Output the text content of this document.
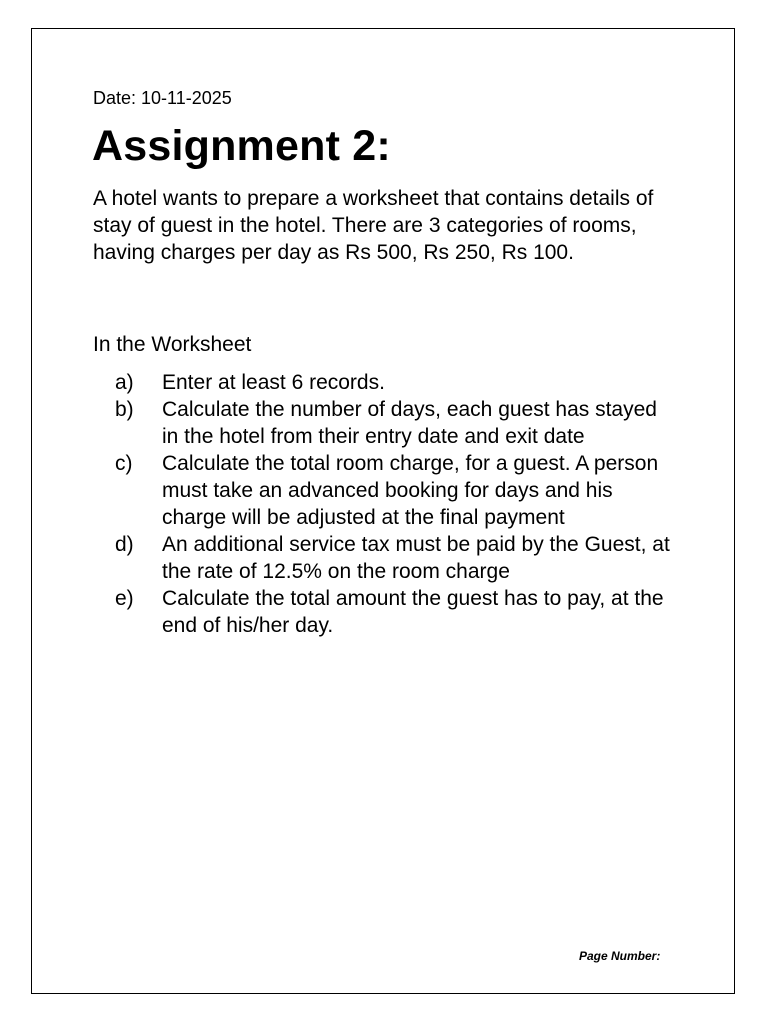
Date: 10-11-2025
Assignment 2:

A hotel wants to prepare a worksheet that contains details of stay of guest in the hotel. There are 3 categories of rooms, having charges per day as Rs 500, Rs 250, Rs 100.

In the Worksheet
a)	Enter at least 6 records.
b)	Calculate the number of days, each guest has stayed in the hotel from their entry date and exit date
c)	Calculate the total room charge, for a guest. A person must take an advanced booking for days and his charge will be adjusted at the final payment
d)	An additional service tax must be paid by the Guest, at the rate of 12.5% on the room charge
e)	Calculate the total amount the guest has to pay, at the end of his/her day.
Page Number:
